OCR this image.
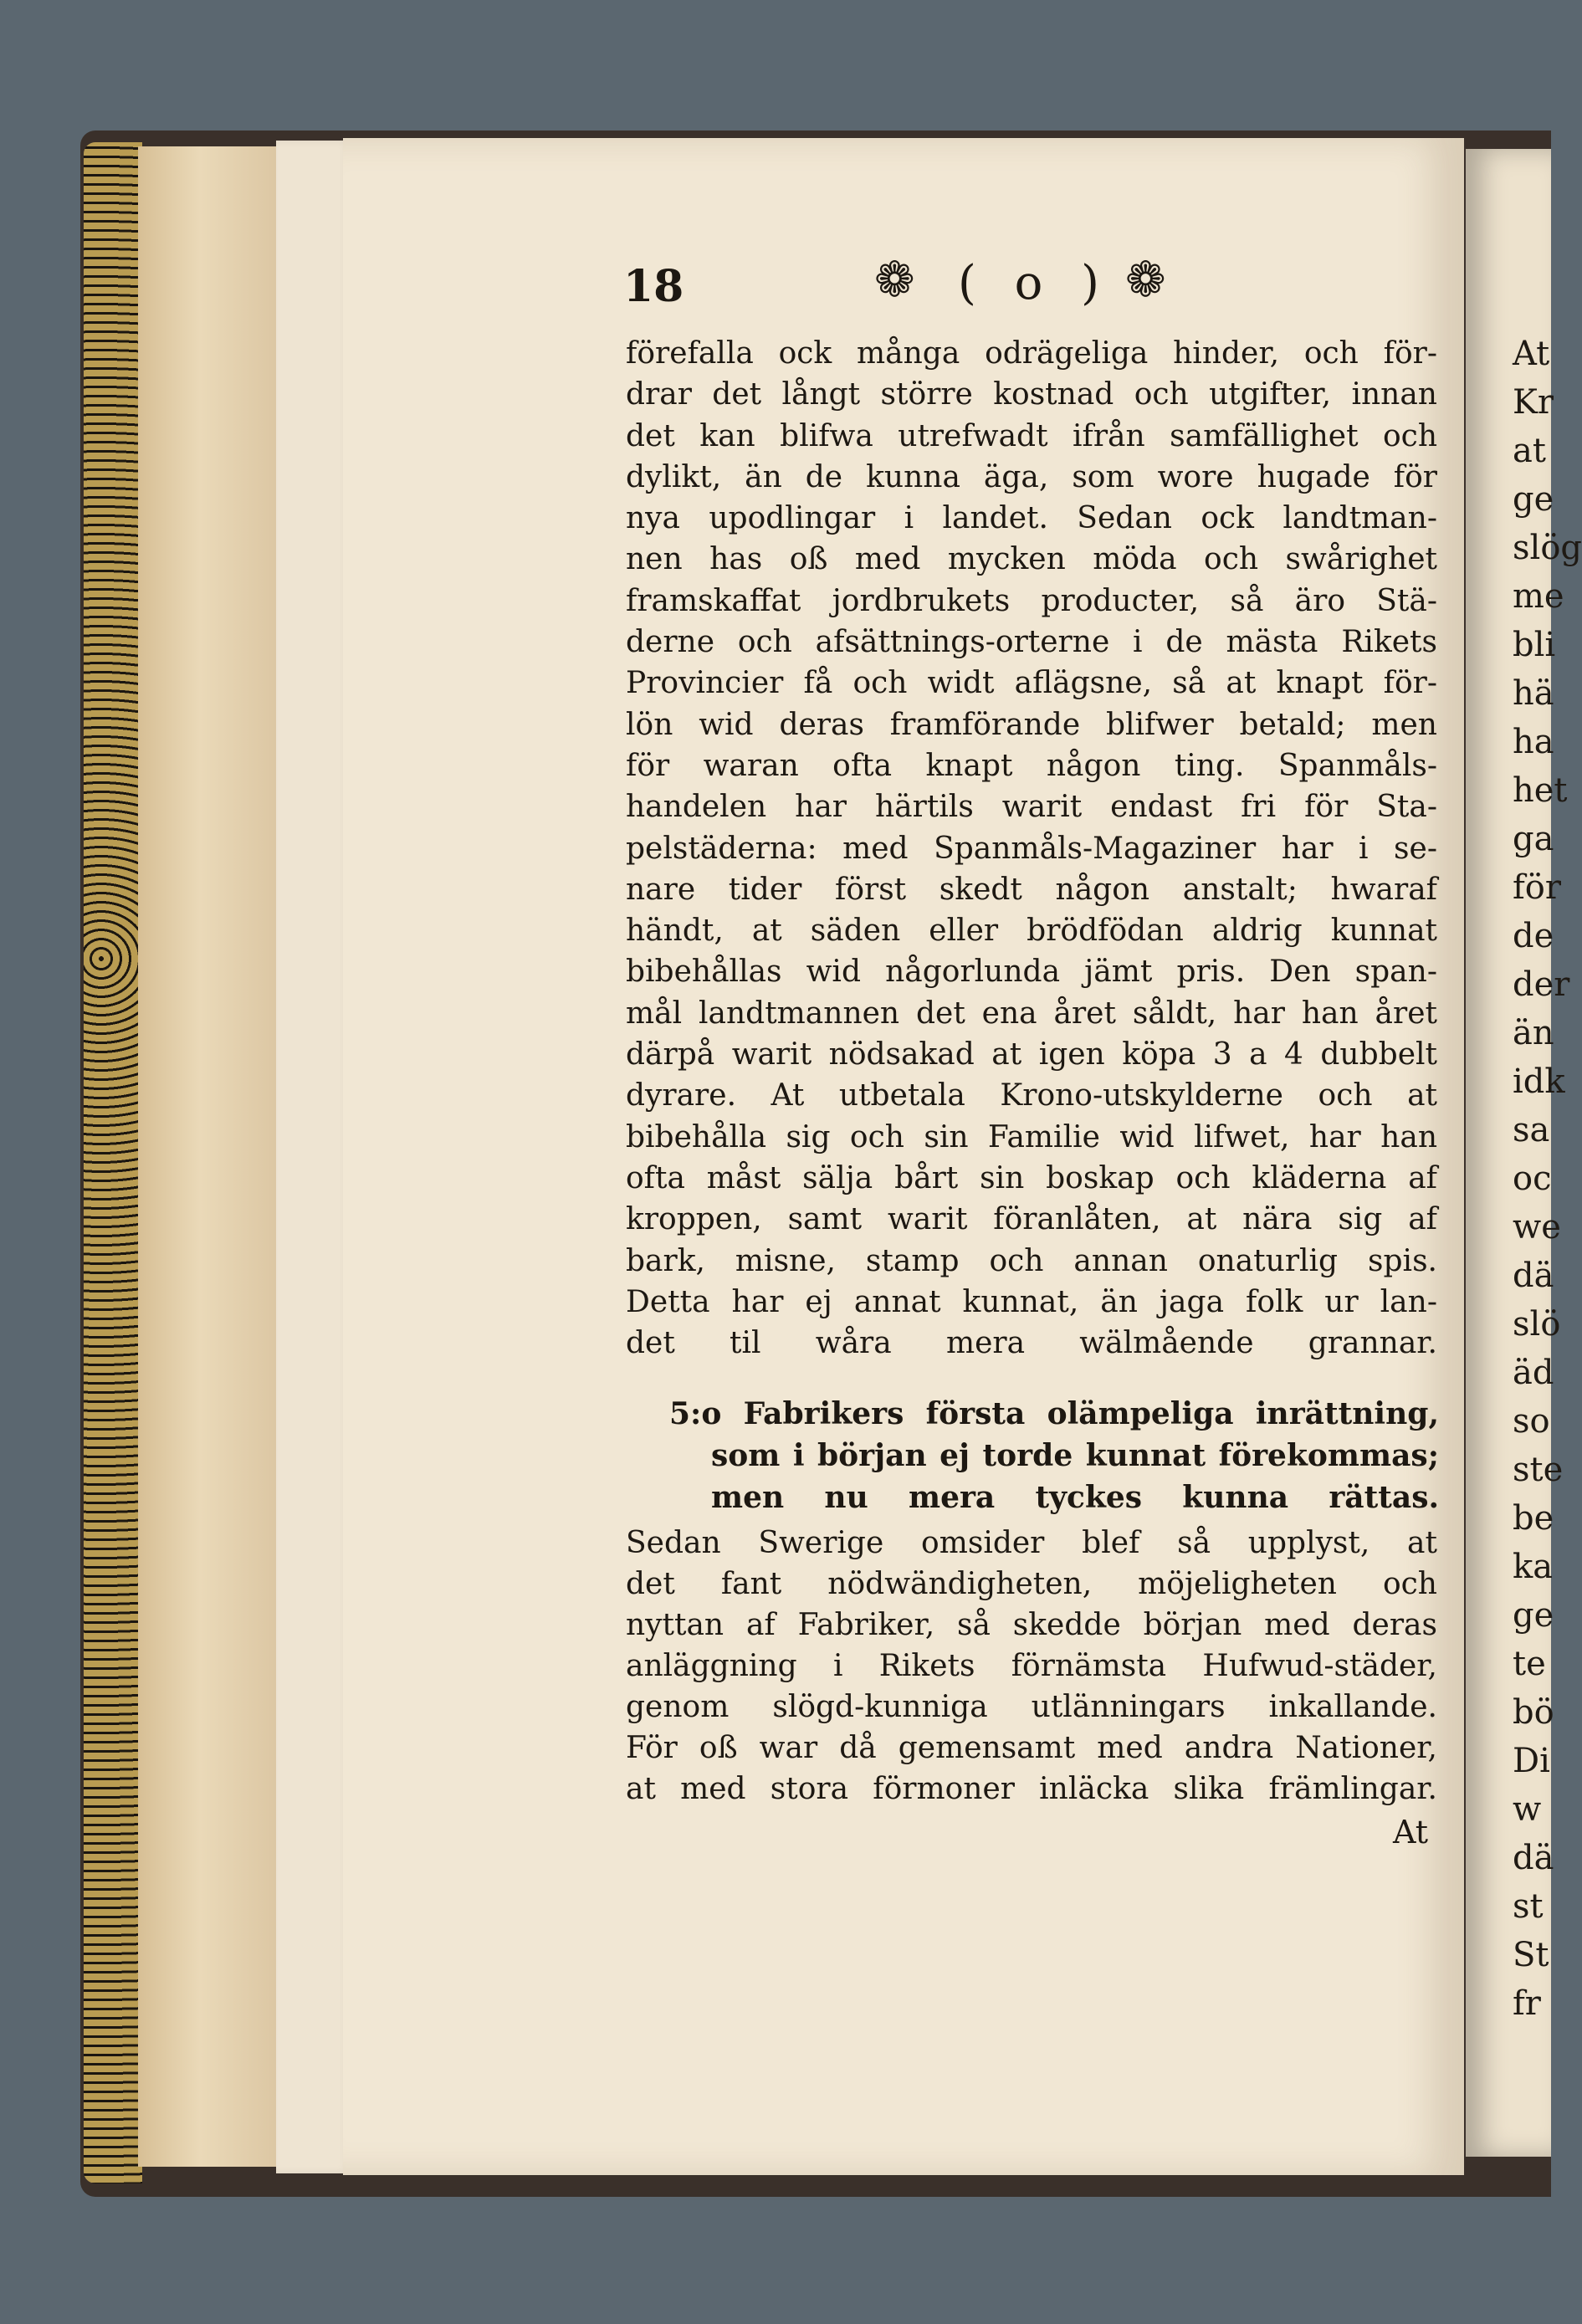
At
Kr
at
ge
slög
me
bli
hä
ha
het
ga
för
de
der
än
idk
sa
oc
we
dä
slö
äd
so
ste
be
ka
ge
te
bö
Di
w
dä
st
St
fr
18	❁ ( o ) ❁
förefalla ock många odrägeliga hinder, och för-
drar det långt större kostnad och utgifter, innan
det kan blifwa utrefwadt ifrån samfällighet och
dylikt, än de kunna äga, som wore hugade för
nya upodlingar i landet. Sedan ock landtman-
nen has oß med mycken möda och swårighet
framskaffat jordbrukets producter, så äro Stä-
derne och afsättnings-orterne i de mästa Rikets
Provincier få och widt aflägsne, så at knapt för-
lön wid deras framförande blifwer betald; men
för waran ofta knapt någon ting. Spanmåls-
handelen har härtils warit endast fri för Sta-
pelstäderna: med Spanmåls-Magaziner har i se-
nare tider först skedt någon anstalt; hwaraf
händt, at säden eller brödfödan aldrig kunnat
bibehållas wid någorlunda jämt pris. Den span-
mål landtmannen det ena året såldt, har han året
därpå warit nödsakad at igen köpa 3 a 4 dubbelt
dyrare. At utbetala Krono-utskylderne och at
bibehålla sig och sin Familie wid lifwet, har han
ofta måst sälja bårt sin boskap och kläderna af
kroppen, samt warit föranlåten, at nära sig af
bark, misne, stamp och annan onaturlig spis.
Detta har ej annat kunnat, än jaga folk ur lan-
det til wåra mera wälmående grannar.
5:o Fabrikers första olämpeliga inrättning,
som i början ej torde kunnat förekommas;
men nu mera tyckes kunna rättas.
Sedan Swerige omsider blef så upplyst, at
det fant nödwändigheten, möjeligheten och
nyttan af Fabriker, så skedde början med deras
anläggning i Rikets förnämsta Hufwud-städer,
genom slögd-kunniga utlänningars inkallande.
För oß war då gemensamt med andra Nationer,
at med stora förmoner inläcka slika främlingar.
At
